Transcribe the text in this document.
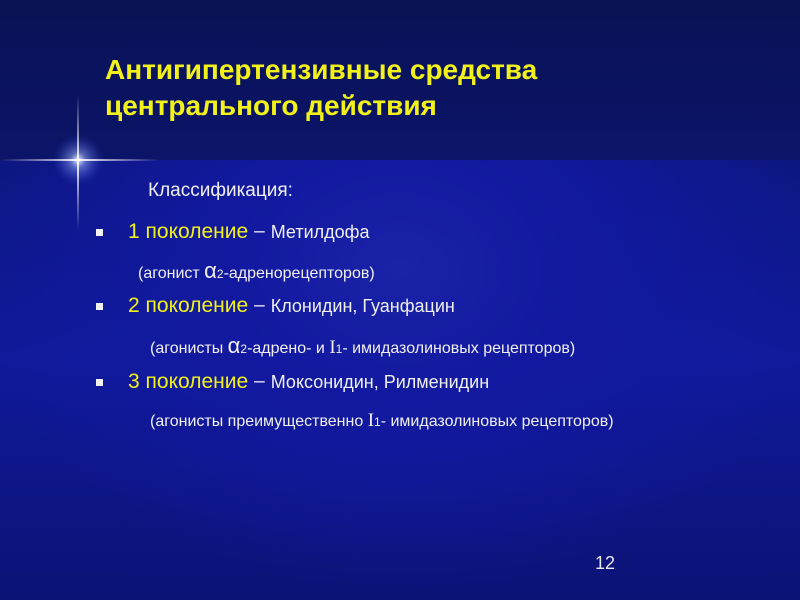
Антигипертензивные средства
центрального действия
Классификация:
1 поколение – Метилдофа
(агонист α2-адренорецепторов)
2 поколение – Клонидин, Гуанфацин
(агонисты α2-адрено- и I1- имидазолиновых рецепторов)
3 поколение – Моксонидин, Рилменидин
(агонисты преимущественно I1- имидазолиновых рецепторов)
12
